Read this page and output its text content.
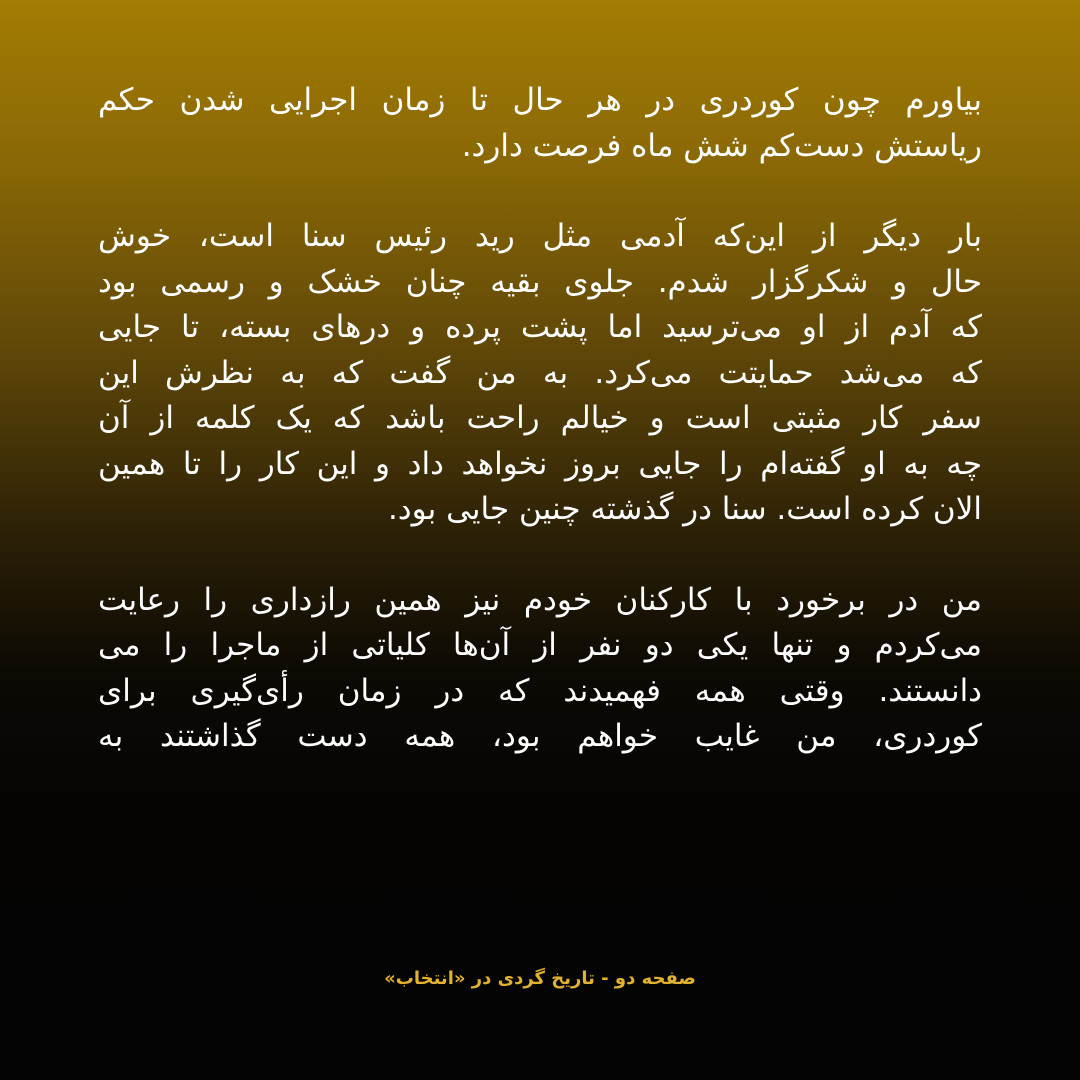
بیاورم چون کوردری در هر حال تا زمان اجرایی شدن حکم
ریاستش دست‌کم شش ماه فرصت دارد.
بار دیگر از این‌که آدمی مثل رید رئیس سنا است، خوش
حال و شکرگزار شدم. جلوی بقیه چنان خشک و رسمی بود
که آدم از او می‌ترسید اما پشت پرده و درهای بسته، تا جایی
که می‌شد حمایتت می‌کرد. به من گفت که به نظرش این
سفر کار مثبتی است و خیالم راحت باشد که یک کلمه از آن
چه به او گفته‌ام را جایی بروز نخواهد داد و این کار را تا همین
الان کرده است. سنا در گذشته چنین جایی بود.
من در برخورد با کارکنان خودم نیز همین رازداری را رعایت
می‌کردم و تنها یکی دو نفر از آن‌ها کلیاتی از ماجرا را می
دانستند. وقتی همه فهمیدند که در زمان رأی‌گیری برای
کوردری، من غایب خواهم بود، همه دست گذاشتند به
صفحه دو - تاریخ گردی در «انتخاب»
